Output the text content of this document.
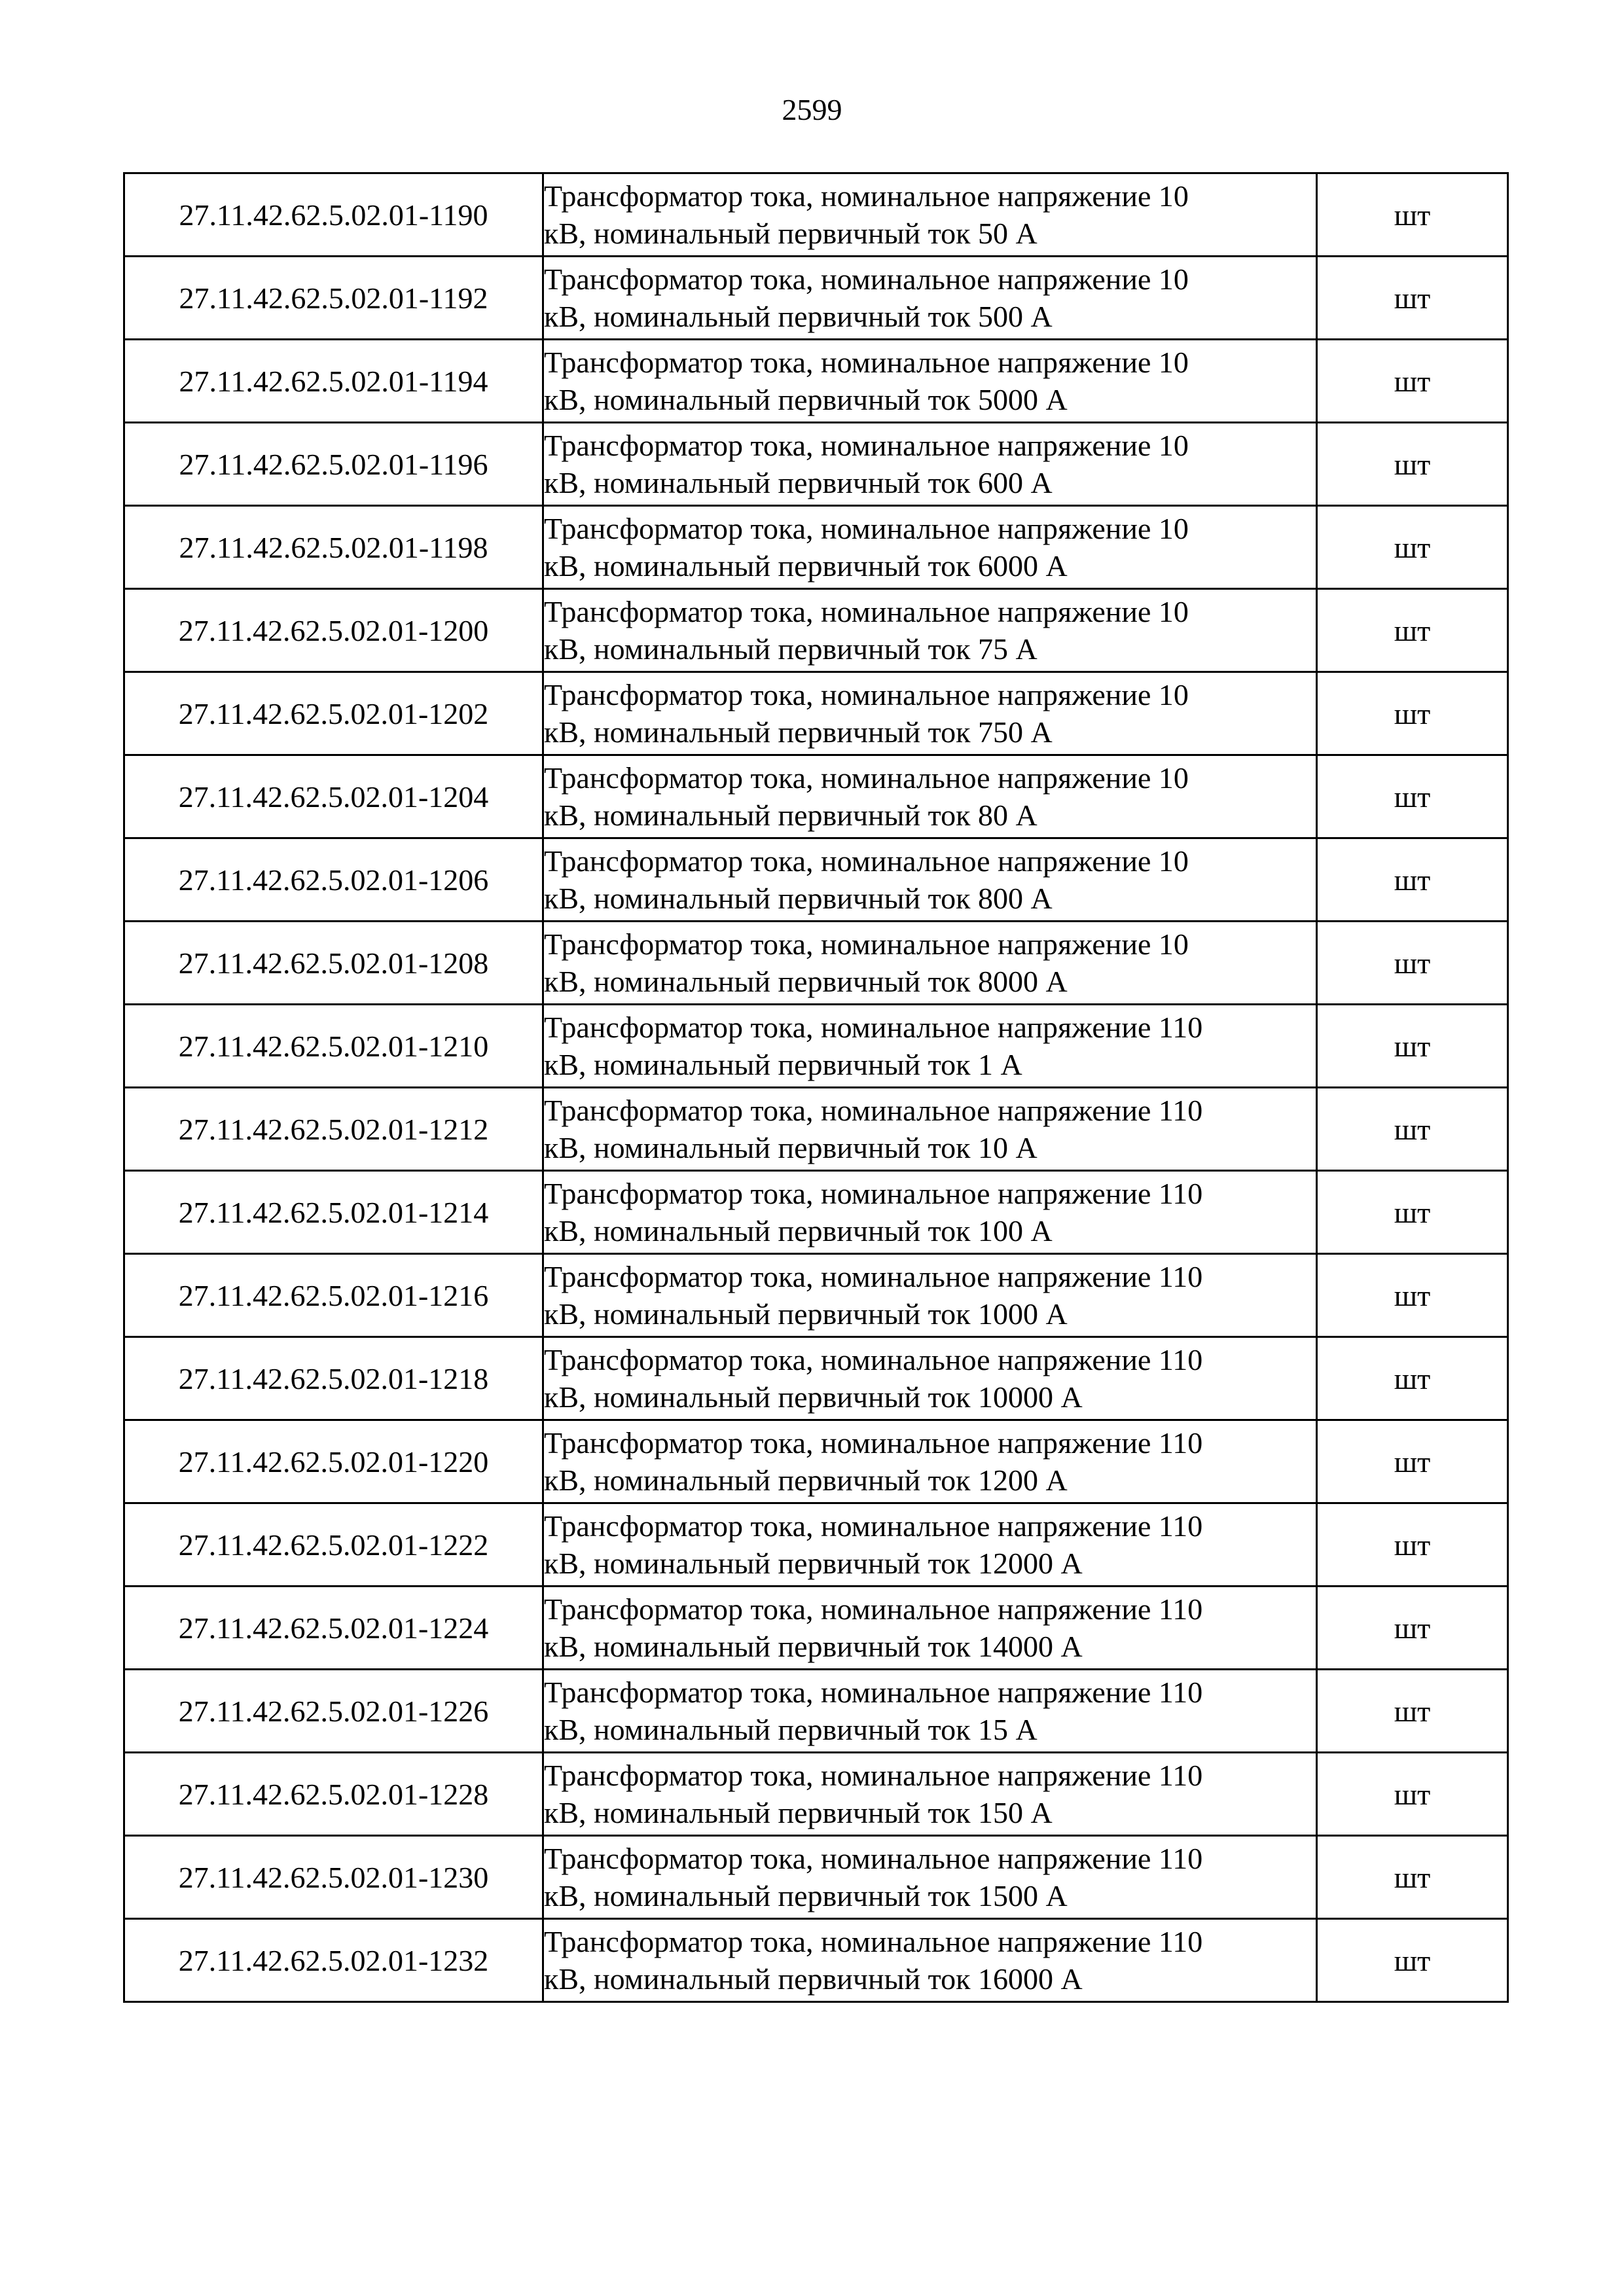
2599
27.11.42.62.5.02.01-1190	Трансформатор тока, номинальное напряжение 10
кВ, номинальный первичный ток 50 А	шт
27.11.42.62.5.02.01-1192	Трансформатор тока, номинальное напряжение 10
кВ, номинальный первичный ток 500 А	шт
27.11.42.62.5.02.01-1194	Трансформатор тока, номинальное напряжение 10
кВ, номинальный первичный ток 5000 А	шт
27.11.42.62.5.02.01-1196	Трансформатор тока, номинальное напряжение 10
кВ, номинальный первичный ток 600 А	шт
27.11.42.62.5.02.01-1198	Трансформатор тока, номинальное напряжение 10
кВ, номинальный первичный ток 6000 А	шт
27.11.42.62.5.02.01-1200	Трансформатор тока, номинальное напряжение 10
кВ, номинальный первичный ток 75 А	шт
27.11.42.62.5.02.01-1202	Трансформатор тока, номинальное напряжение 10
кВ, номинальный первичный ток 750 А	шт
27.11.42.62.5.02.01-1204	Трансформатор тока, номинальное напряжение 10
кВ, номинальный первичный ток 80 А	шт
27.11.42.62.5.02.01-1206	Трансформатор тока, номинальное напряжение 10
кВ, номинальный первичный ток 800 А	шт
27.11.42.62.5.02.01-1208	Трансформатор тока, номинальное напряжение 10
кВ, номинальный первичный ток 8000 А	шт
27.11.42.62.5.02.01-1210	Трансформатор тока, номинальное напряжение 110
кВ, номинальный первичный ток 1 А	шт
27.11.42.62.5.02.01-1212	Трансформатор тока, номинальное напряжение 110
кВ, номинальный первичный ток 10 А	шт
27.11.42.62.5.02.01-1214	Трансформатор тока, номинальное напряжение 110
кВ, номинальный первичный ток 100 А	шт
27.11.42.62.5.02.01-1216	Трансформатор тока, номинальное напряжение 110
кВ, номинальный первичный ток 1000 А	шт
27.11.42.62.5.02.01-1218	Трансформатор тока, номинальное напряжение 110
кВ, номинальный первичный ток 10000 А	шт
27.11.42.62.5.02.01-1220	Трансформатор тока, номинальное напряжение 110
кВ, номинальный первичный ток 1200 А	шт
27.11.42.62.5.02.01-1222	Трансформатор тока, номинальное напряжение 110
кВ, номинальный первичный ток 12000 А	шт
27.11.42.62.5.02.01-1224	Трансформатор тока, номинальное напряжение 110
кВ, номинальный первичный ток 14000 А	шт
27.11.42.62.5.02.01-1226	Трансформатор тока, номинальное напряжение 110
кВ, номинальный первичный ток 15 А	шт
27.11.42.62.5.02.01-1228	Трансформатор тока, номинальное напряжение 110
кВ, номинальный первичный ток 150 А	шт
27.11.42.62.5.02.01-1230	Трансформатор тока, номинальное напряжение 110
кВ, номинальный первичный ток 1500 А	шт
27.11.42.62.5.02.01-1232	Трансформатор тока, номинальное напряжение 110
кВ, номинальный первичный ток 16000 А	шт
